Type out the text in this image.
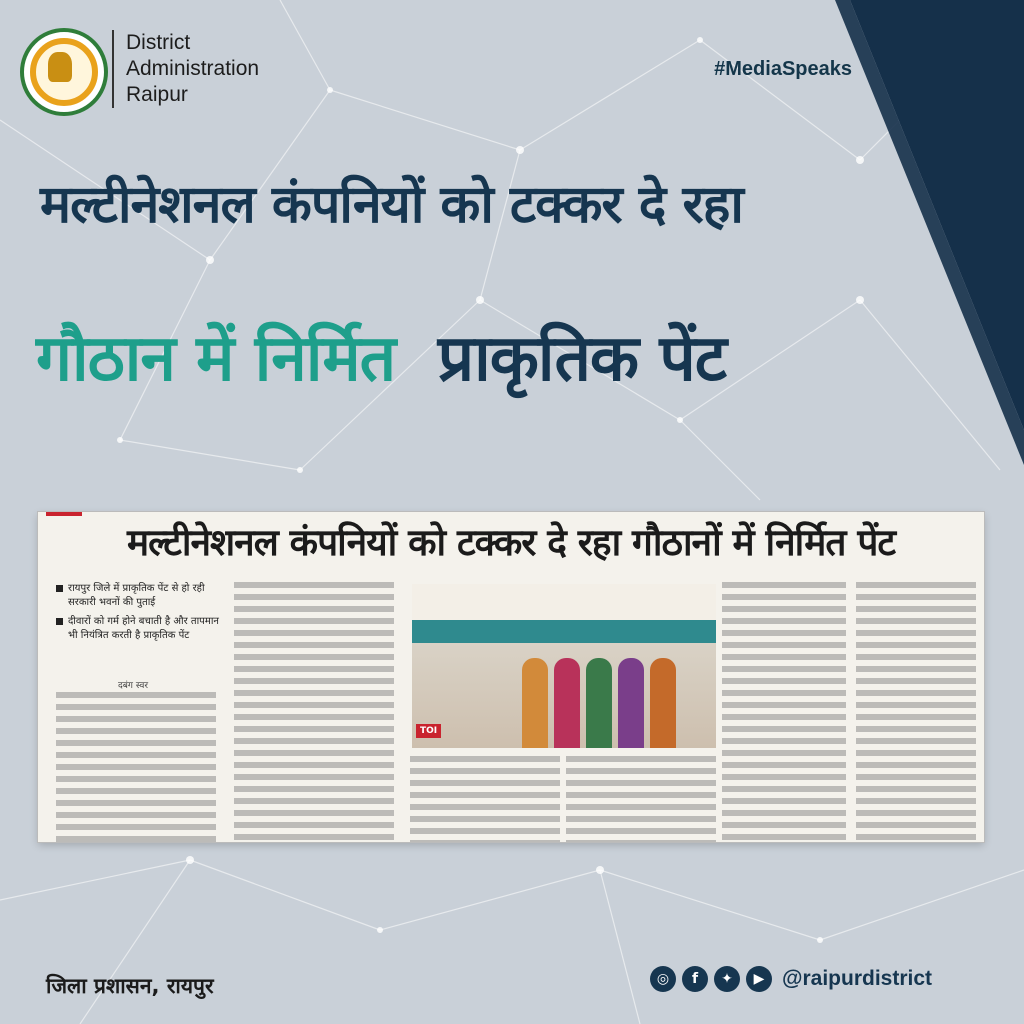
District
Administration
Raipur
#MediaSpeaks
मल्टीनेशनल कंपनियों को टक्कर दे रहा
गौठान में निर्मित प्राकृतिक पेंट
मल्टीनेशनल कंपनियों को टक्कर दे रहा गौठानों में निर्मित पेंट
रायपुर जिले में प्राकृतिक पेंट से हो रही सरकारी भवनों की पुताई
दीवारों को गर्म होने बचाती है और तापमान भी नियंत्रित करती है प्राकृतिक पेंट
दबंग स्वर
TOI
जिला प्रशासन, रायपुर	◎	f	✦	▶ @raipurdistrict
